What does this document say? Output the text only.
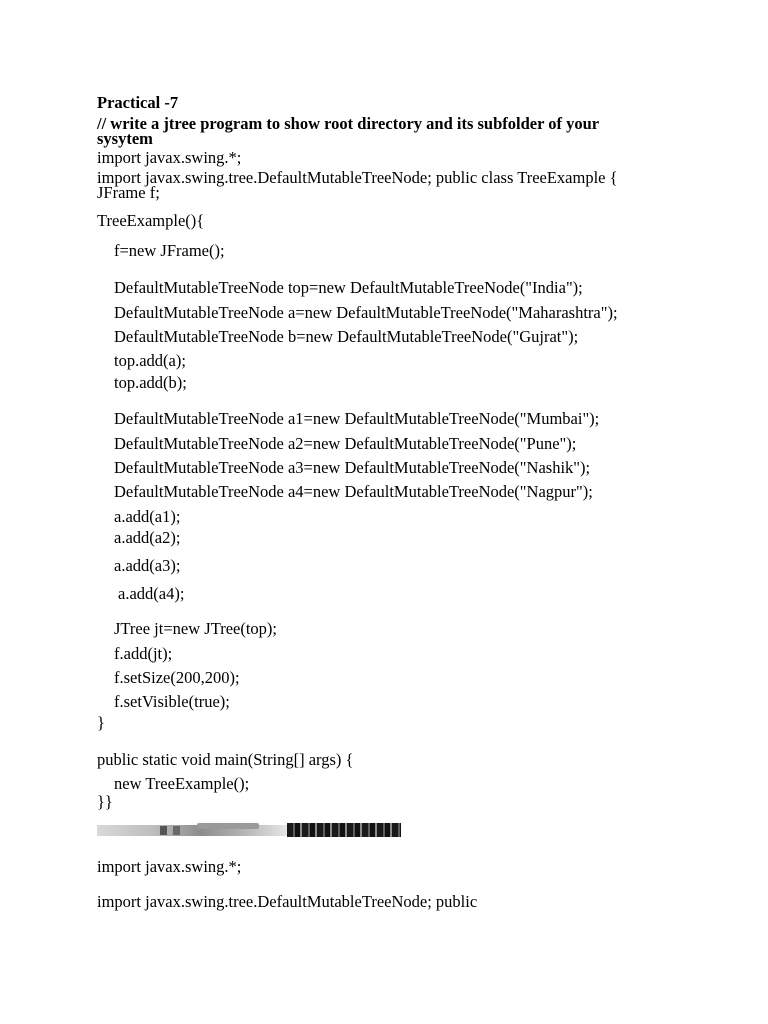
Practical -7
// write a jtree program to show root directory and its subfolder of your
sysytem
import javax.swing.*;
import javax.swing.tree.DefaultMutableTreeNode; public class TreeExample {
JFrame f;
TreeExample(){
f=new JFrame();
DefaultMutableTreeNode top=new DefaultMutableTreeNode("India");
DefaultMutableTreeNode a=new DefaultMutableTreeNode("Maharashtra");
DefaultMutableTreeNode b=new DefaultMutableTreeNode("Gujrat");
top.add(a);
top.add(b);
DefaultMutableTreeNode a1=new DefaultMutableTreeNode("Mumbai");
DefaultMutableTreeNode a2=new DefaultMutableTreeNode("Pune");
DefaultMutableTreeNode a3=new DefaultMutableTreeNode("Nashik");
DefaultMutableTreeNode a4=new DefaultMutableTreeNode("Nagpur");
a.add(a1);
a.add(a2);
a.add(a3);
a.add(a4);
JTree jt=new JTree(top);
f.add(jt);
f.setSize(200,200);
f.setVisible(true);
}
public static void main(String[] args) {
new TreeExample();
}}
import javax.swing.*;
import javax.swing.tree.DefaultMutableTreeNode; public
